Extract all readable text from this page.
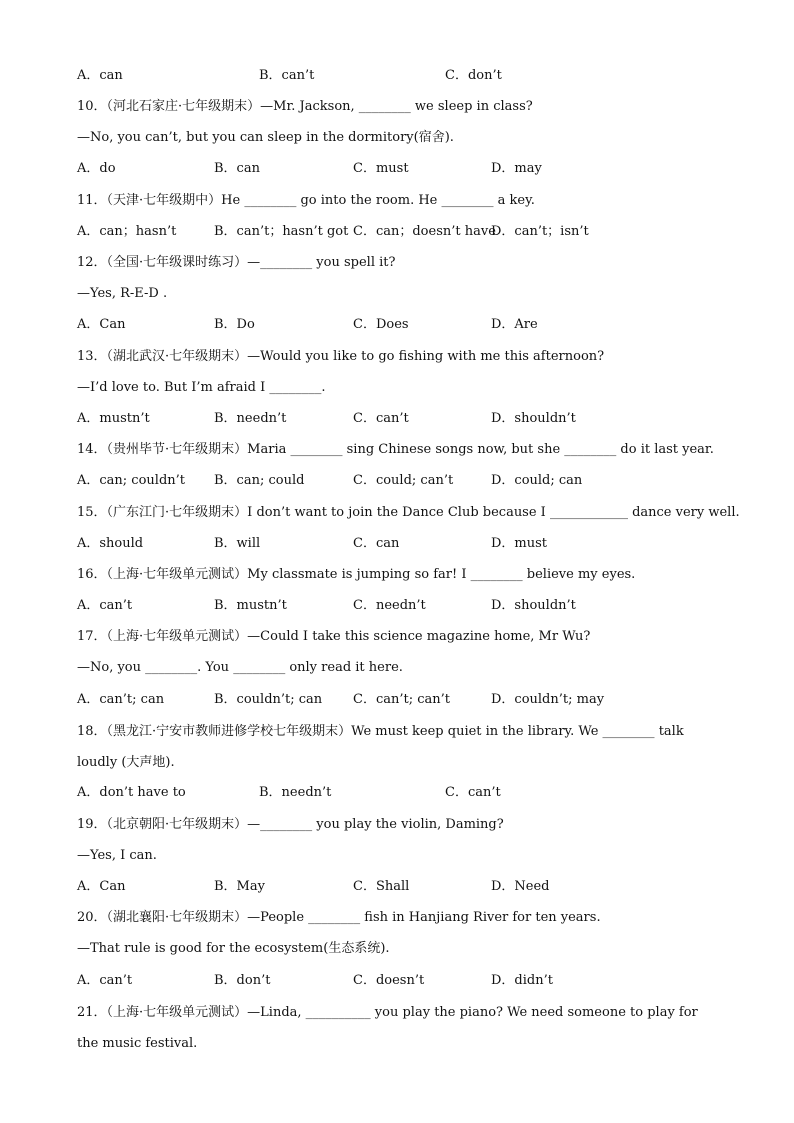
A．can	B．can’t	C．don’t
10．（河北石家庄·七年级期末）—Mr. Jackson, ________ we sleep in class?
—No, you can’t, but you can sleep in the dormitory(宿舍).
A．do	B．can	C．must	D．may
11．（天津·七年级期中）He ________ go into the room. He ________ a key.
A．can；hasn’t	B．can’t；hasn’t got C．can；doesn’t have
D．can’t；isn’t
12．（全国·七年级课时练习）—________ you spell it?
—Yes, R-E-D .
A．Can	B．Do	C．Does	D．Are
13．（湖北武汉·七年级期末）—Would you like to go fishing with me this afternoon?
—I’d love to. But I’m afraid I ________.
A．mustn’t	B．needn’t	C．can’t	D．shouldn’t
14．（贵州毕节·七年级期末）Maria ________ sing Chinese songs now, but she ________ do it last year.
A．can; couldn’t B．can; could	C．could; can’t	D．could; can
15．（广东江门·七年级期末）I don’t want to join the Dance Club because I ____________ dance very well.
A．should	B．will	C．can	D．must
16．（上海·七年级单元测试）My classmate is jumping so far! I ________ believe my eyes.
A．can’t	B．mustn’t	C．needn’t	D．shouldn’t
17．（上海·七年级单元测试）—Could I take this science magazine home, Mr Wu?
—No, you ________. You ________ only read it here.
A．can’t; can	B．couldn’t; can C．can’t; can’t	D．couldn’t; may
18．（黑龙江·宁安市教师进修学校七年级期末）We must keep quiet in the library. We ________ talk loudly (大声地).
A．don’t have to	B．needn’t	C．can’t
19．（北京朝阳·七年级期末）—________ you play the violin, Daming?
—Yes, I can.
A．Can	B．May	C．Shall	D．Need
20．（湖北襄阳·七年级期末）—People ________ fish in Hanjiang River for ten years.
—That rule is good for the ecosystem(生态系统).
A．can’t	B．don’t	C．doesn’t	D．didn’t
21．（上海·七年级单元测试）—Linda, __________ you play the piano? We need someone to play for the music festival.
